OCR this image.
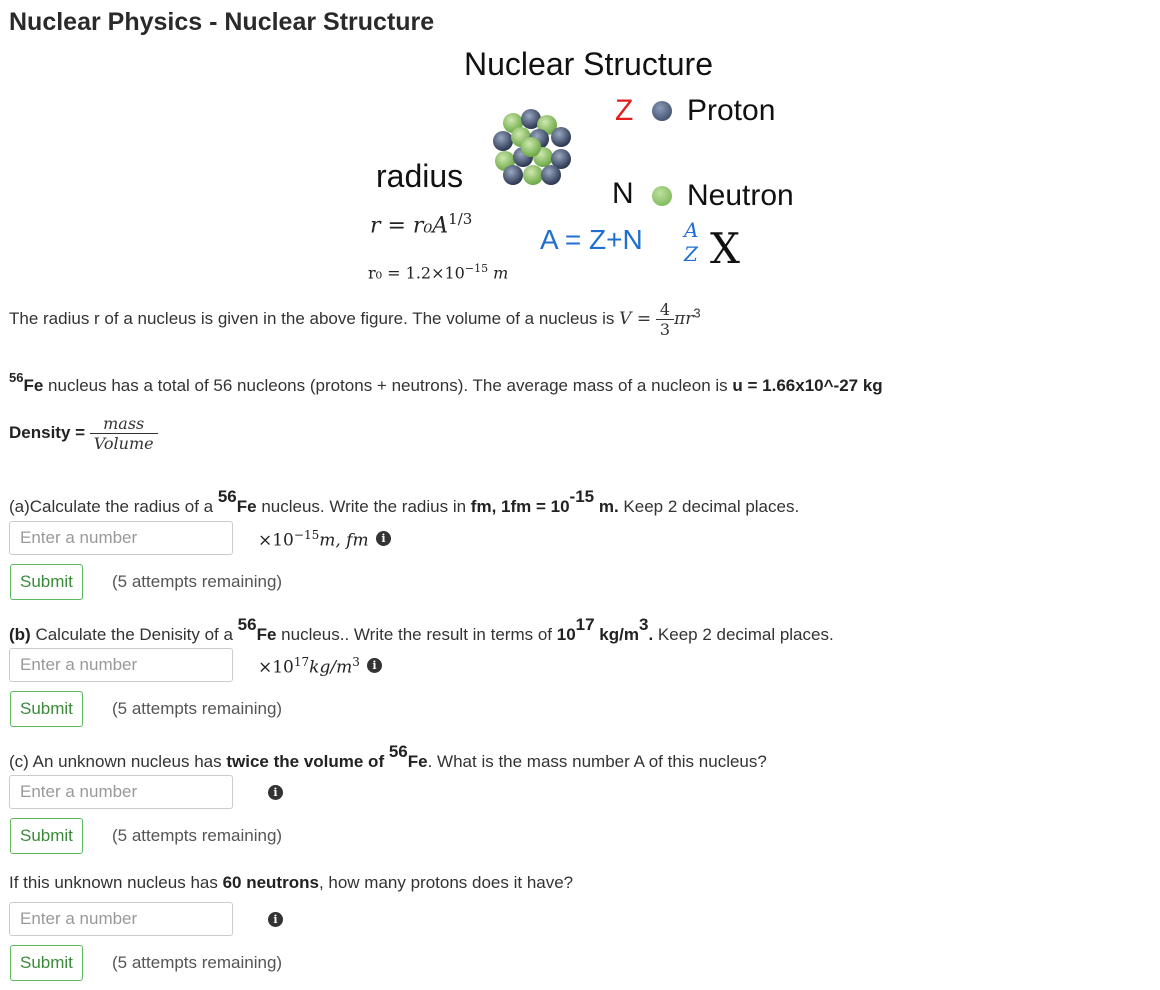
Nuclear Physics - Nuclear Structure
Nuclear Structure
Z Proton
N Neutron
radius
$r = r_0A^{1/3}$
$r_0 = 1.2\times 10^{-15}$ m
A = Z+N A
Z X
The radius r of a nucleus is given in the above figure. The volume of a nucleus is $V = \frac{4}{3} \pi r^3$
$^{56}$Fe nucleus has a total of 56 nucleons (protons + neutrons). The average mass of a nucleon is u = 1.66x10^-27 kg
Density = $\frac{\text{mass}}{\text{Volume}}$
(a)Calculate the radius of a 56Fe nucleus. Write the radius in fm, 1fm = 10-15 m. Keep 2 decimal places.
Enter a number
$\times 10^{-15}m$, fm	i
Submit	(5 attempts remaining)
(b) Calculate the Denisity of a 56Fe nucleus.. Write the result in terms of 1017 kg/m3. Keep 2 decimal places.
Enter a number
$\times 10^{17}kg/m^3$	i
Submit	(5 attempts remaining)
(c) An unknown nucleus has twice the volume of 56Fe. What is the mass number A of this nucleus?
Enter a number
i
Submit	(5 attempts remaining)
If this unknown nucleus has 60 neutrons, how many protons does it have?
Enter a number
i
Submit	(5 attempts remaining)
